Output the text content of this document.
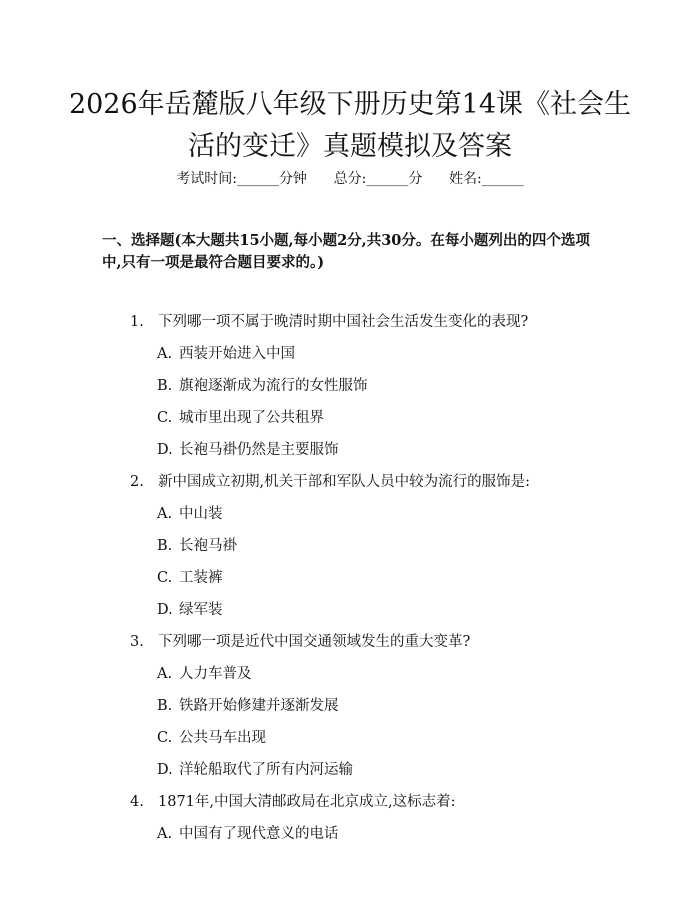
2026年岳麓版八年级下册历史第14课《社会生活的变迁》真题模拟及答案
考试时间:______分钟 总分:______分 姓名:______

一、选择题(本大题共15小题,每小题2分,共30分。在每小题列出的四个选项中,只有一项是最符合题目要求的。)

1. 下列哪一项不属于晚清时期中国社会生活发生变化的表现?
A. 西装开始进入中国
B. 旗袍逐渐成为流行的女性服饰
C. 城市里出现了公共租界
D. 长袍马褂仍然是主要服饰
2. 新中国成立初期,机关干部和军队人员中较为流行的服饰是:
A. 中山装
B. 长袍马褂
C. 工装裤
D. 绿军装
3. 下列哪一项是近代中国交通领域发生的重大变革?
A. 人力车普及
B. 铁路开始修建并逐渐发展
C. 公共马车出现
D. 洋轮船取代了所有内河运输
4. 1871年,中国大清邮政局在北京成立,这标志着:
A. 中国有了现代意义的电话
